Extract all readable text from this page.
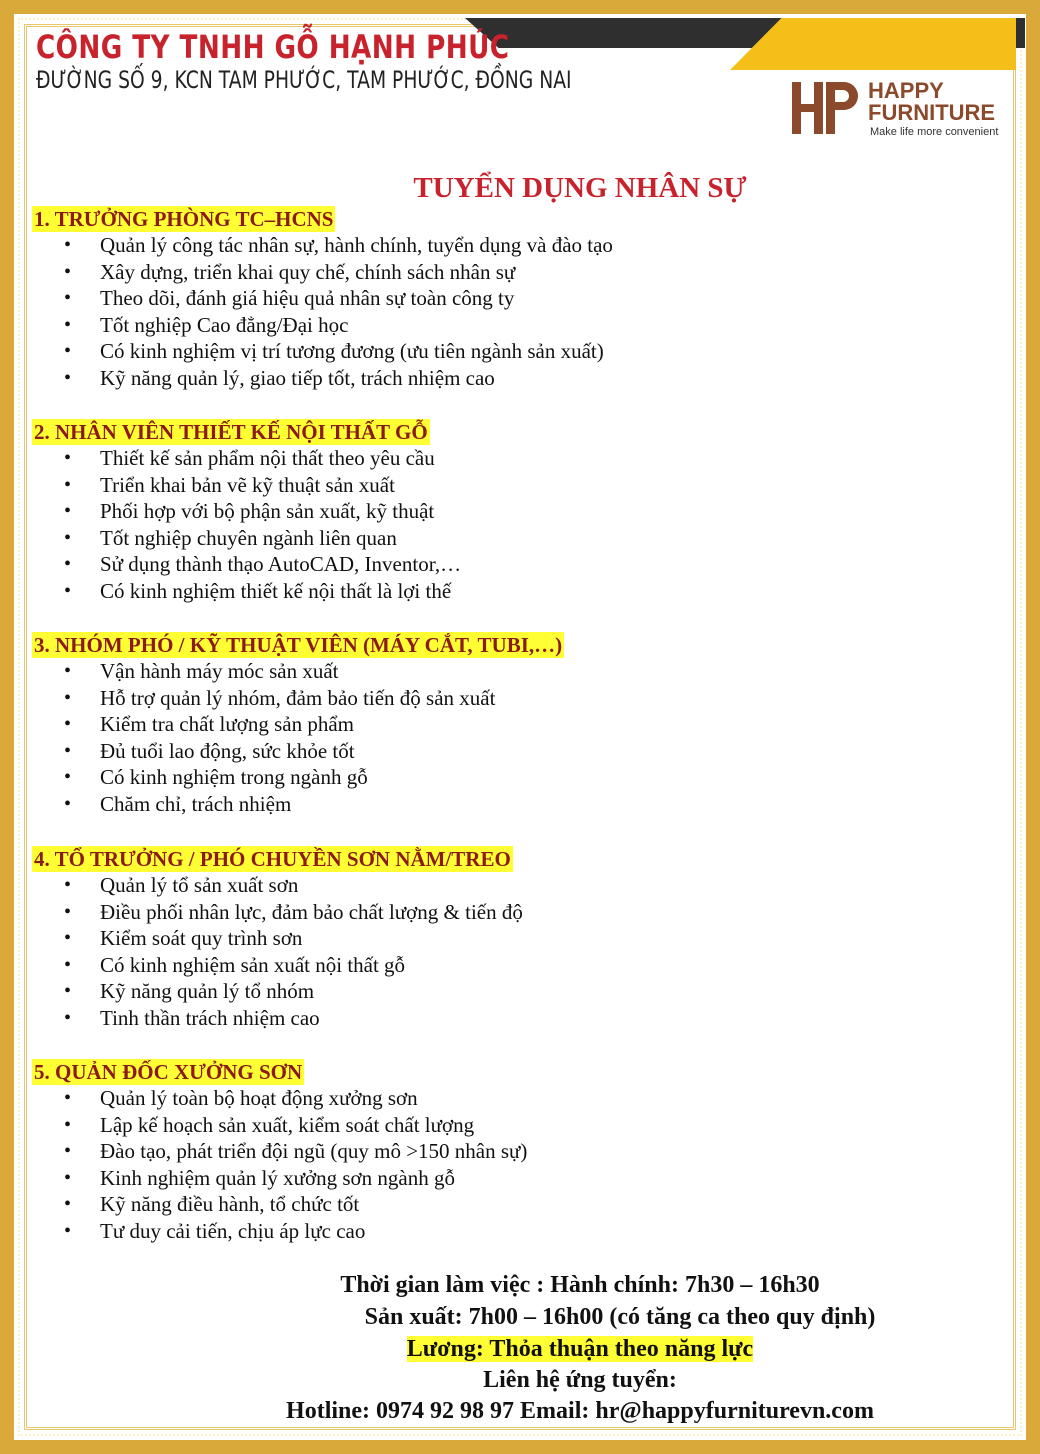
CÔNG TY TNHH GỖ HẠNH PHÚC
ĐƯỜNG SỐ 9, KCN TAM PHƯỚC, TAM PHƯỚC, ĐỒNG NAI	HAPPY
FURNITURE
Make life more convenient
TUYỂN DỤNG NHÂN SỰ
1. TRƯỞNG PHÒNG TC–HCNS
• Quản lý công tác nhân sự, hành chính, tuyển dụng và đào tạo
• Xây dựng, triển khai quy chế, chính sách nhân sự
• Theo dõi, đánh giá hiệu quả nhân sự toàn công ty
• Tốt nghiệp Cao đẳng/Đại học
• Có kinh nghiệm vị trí tương đương (ưu tiên ngành sản xuất)
• Kỹ năng quản lý, giao tiếp tốt, trách nhiệm cao
2. NHÂN VIÊN THIẾT KẾ NỘI THẤT GỖ
• Thiết kế sản phẩm nội thất theo yêu cầu
• Triển khai bản vẽ kỹ thuật sản xuất
• Phối hợp với bộ phận sản xuất, kỹ thuật
• Tốt nghiệp chuyên ngành liên quan
• Sử dụng thành thạo AutoCAD, Inventor,…
• Có kinh nghiệm thiết kế nội thất là lợi thế
3. NHÓM PHÓ / KỸ THUẬT VIÊN (MÁY CẮT, TUBI,…)
• Vận hành máy móc sản xuất
• Hỗ trợ quản lý nhóm, đảm bảo tiến độ sản xuất
• Kiểm tra chất lượng sản phẩm
• Đủ tuổi lao động, sức khỏe tốt
• Có kinh nghiệm trong ngành gỗ
• Chăm chỉ, trách nhiệm
4. TỔ TRƯỞNG / PHÓ CHUYỀN SƠN NẰM/TREO
• Quản lý tổ sản xuất sơn
• Điều phối nhân lực, đảm bảo chất lượng & tiến độ
• Kiểm soát quy trình sơn
• Có kinh nghiệm sản xuất nội thất gỗ
• Kỹ năng quản lý tổ nhóm
• Tinh thần trách nhiệm cao
5. QUẢN ĐỐC XƯỞNG SƠN
• Quản lý toàn bộ hoạt động xưởng sơn
• Lập kế hoạch sản xuất, kiểm soát chất lượng
• Đào tạo, phát triển đội ngũ (quy mô >150 nhân sự)
• Kinh nghiệm quản lý xưởng sơn ngành gỗ
• Kỹ năng điều hành, tổ chức tốt
• Tư duy cải tiến, chịu áp lực cao
Thời gian làm việc : Hành chính: 7h30 – 16h30
Sản xuất: 7h00 – 16h00 (có tăng ca theo quy định)
Lương: Thỏa thuận theo năng lực
Liên hệ ứng tuyển:
Hotline: 0974 92 98 97 Email: hr@happyfurniturevn.com
